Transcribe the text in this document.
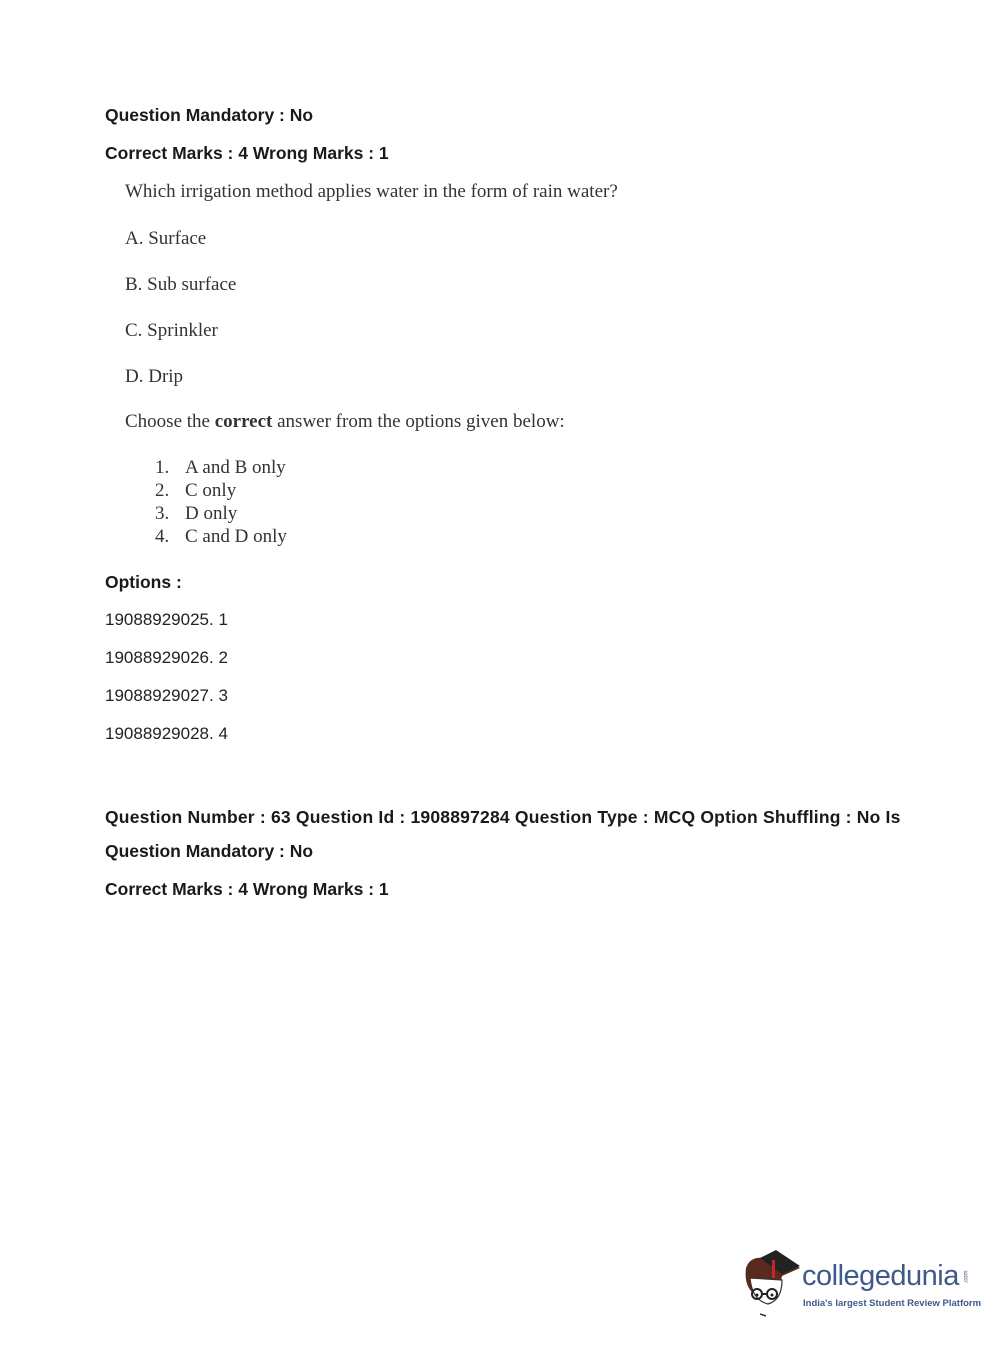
Question Mandatory : No
Correct Marks : 4 Wrong Marks : 1
Which irrigation method applies water in the form of rain water?
A. Surface
B. Sub surface
C. Sprinkler
D. Drip
Choose the correct answer from the options given below:
1. A and B only
2. C only
3. D only
4. C and D only
Options :
19088929025. 1
19088929026. 2
19088929027. 3
19088929028. 4
Question Number : 63 Question Id : 1908897284 Question Type : MCQ Option Shuffling : No Is
Question Mandatory : No
Correct Marks : 4 Wrong Marks : 1
collegedunia .com
India's largest Student Review Platform
